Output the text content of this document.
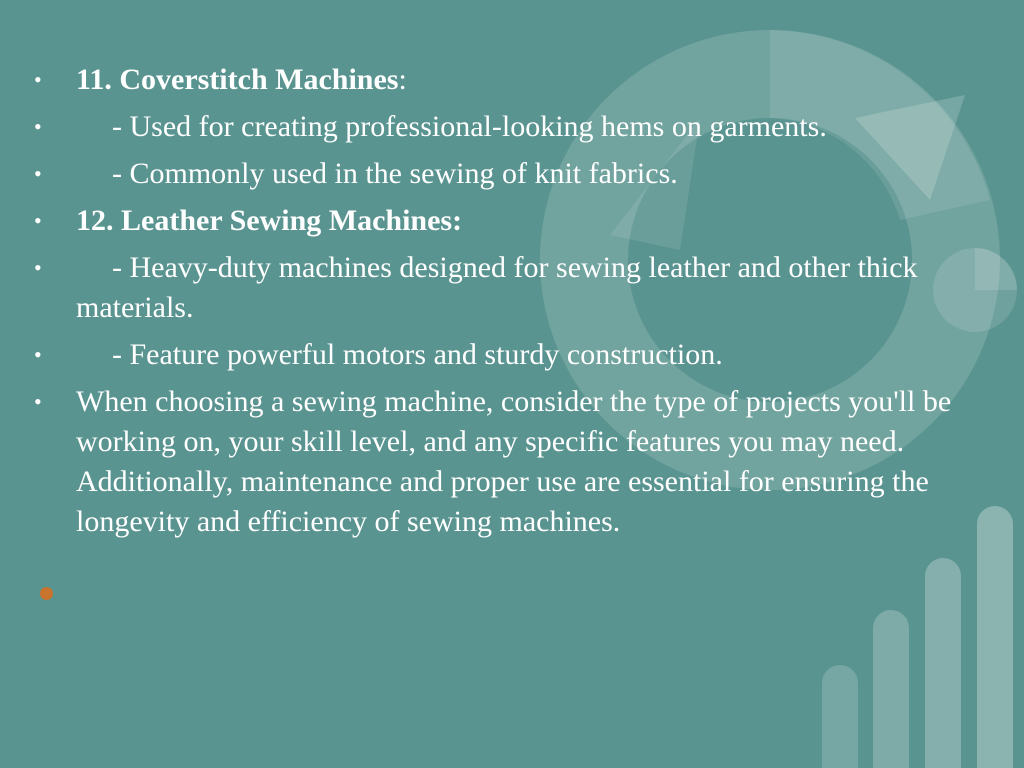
• 11. Coverstitch Machines:
• - Used for creating professional-looking hems on garments.
• - Commonly used in the sewing of knit fabrics.
• 12. Leather Sewing Machines:
• - Heavy-duty machines designed for sewing leather and other thick materials.
• - Feature powerful motors and sturdy construction.
• When choosing a sewing machine, consider the type of projects you'll be working on, your skill level, and any specific features you may need. Additionally, maintenance and proper use are essential for ensuring the longevity and efficiency of sewing machines.
